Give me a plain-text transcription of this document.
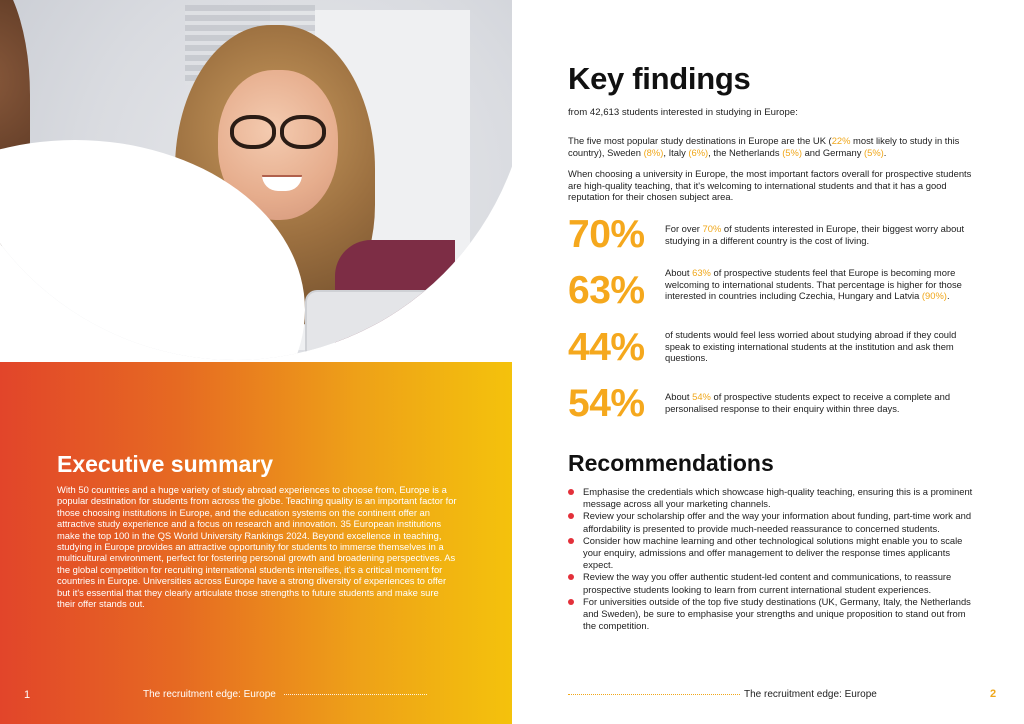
Executive summary

With 50 countries and a huge variety of study abroad experiences to choose from, Europe is a popular destination for students from across the globe. Teaching quality is an important factor for those choosing institutions in Europe, and the education systems on the continent offer an attractive study experience and a focus on research and innovation. 35 European institutions make the top 100 in the QS World University Rankings 2024. Beyond excellence in teaching, studying in Europe provides an attractive opportunity for students to immerse themselves in a multicultural environment, perfect for fostering personal growth and broadening perspectives. As the global competition for recruiting international students intensifies, it's a critical moment for countries in Europe. Universities across Europe have a strong diversity of experiences to offer but it's essential that they clearly articulate those strengths to future students and make sure their offer stands out.

1	The recruitment edge: Europe
Key findings

from 42,613 students interested in studying in Europe:

The five most popular study destinations in Europe are the UK (22% most likely to study in this country), Sweden (8%), Italy (6%), the Netherlands (5%) and Germany (5%).

When choosing a university in Europe, the most important factors overall for prospective students are high-quality teaching, that it's welcoming to international students and that it has a good reputation for their chosen subject area.

70% For over 70% of students interested in Europe, their biggest worry about studying in a different country is the cost of living.

63% About 63% of prospective students feel that Europe is becoming more welcoming to international students. That percentage is higher for those interested in countries including Czechia, Hungary and Latvia (90%).

44% of students would feel less worried about studying abroad if they could speak to existing international students at the institution and ask them questions.

54% About 54% of prospective students expect to receive a complete and personalised response to their enquiry within three days.

Recommendations
Emphasise the credentials which showcase high-quality teaching, ensuring this is a prominent message across all your marketing channels.
Review your scholarship offer and the way your information about funding, part-time work and affordability is presented to provide much-needed reassurance to concerned students.
Consider how machine learning and other technological solutions might enable you to scale your enquiry, admissions and offer management to deliver the response times applicants expect.
Review the way you offer authentic student-led content and communications, to reassure prospective students looking to learn from current international student experiences.
For universities outside of the top five study destinations (UK, Germany, Italy, the Netherlands and Sweden), be sure to emphasise your strengths and unique proposition to stand out from the competition.
The recruitment edge: Europe	2
